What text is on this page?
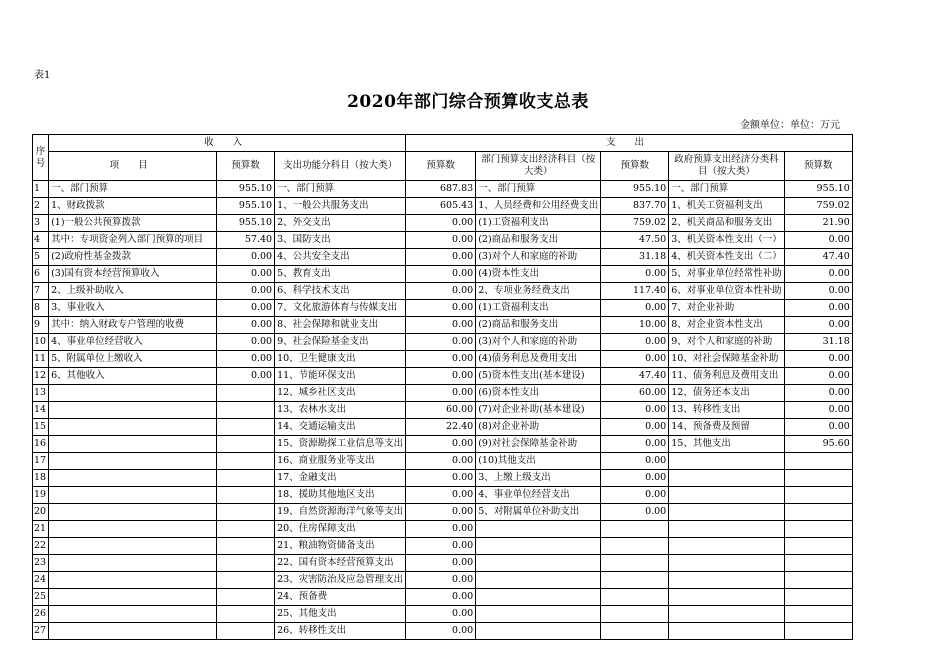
表1
2020年部门综合预算收支总表
金额单位：单位：万元
序号	收 入			支 出				
	项 目	预算数	支出功能分科目（按大类）	预算数	部门预算支出经济科目（按大类）	预算数	政府预算支出经济分类科目（按大类）	预算数
1	一、部门预算	955.10	一、部门预算	687.83	一、部门预算	955.10	一、部门预算	955.10
2	1、财政拨款	955.10	1、一般公共服务支出	605.43	1、人员经费和公用经费支出	837.70	1、机关工资福利支出	759.02
3	(1)一般公共预算拨款	955.10	2、外交支出	0.00	(1)工资福利支出	759.02	2、机关商品和服务支出	21.90
4	其中：专项资金列入部门预算的项目	57.40	3、国防支出	0.00	(2)商品和服务支出	47.50	3、机关资本性支出（一）	0.00
5	(2)政府性基金拨款	0.00	4、公共安全支出	0.00	(3)对个人和家庭的补助	31.18	4、机关资本性支出（二）	47.40
6	(3)国有资本经营预算收入	0.00	5、教育支出	0.00	(4)资本性支出	0.00	5、对事业单位经常性补助	0.00
7	2、上级补助收入	0.00	6、科学技术支出	0.00	2、专项业务经费支出	117.40	6、对事业单位资本性补助	0.00
8	3、事业收入	0.00	7、文化旅游体育与传媒支出	0.00	(1)工资福利支出	0.00	7、对企业补助	0.00
9	其中：纳入财政专户管理的收费	0.00	8、社会保障和就业支出	0.00	(2)商品和服务支出	10.00	8、对企业资本性支出	0.00
10	4、事业单位经营收入	0.00	9、社会保险基金支出	0.00	(3)对个人和家庭的补助	0.00	9、对个人和家庭的补助	31.18
11	5、附属单位上缴收入	0.00	10、卫生健康支出	0.00	(4)债务利息及费用支出	0.00	10、对社会保障基金补助	0.00
12	6、其他收入	0.00	11、节能环保支出	0.00	(5)资本性支出(基本建设)	47.40	11、债务利息及费用支出	0.00
13			12、城乡社区支出	0.00	(6)资本性支出	60.00	12、债务还本支出	0.00
14			13、农林水支出	60.00	(7)对企业补助(基本建设)	0.00	13、转移性支出	0.00
15			14、交通运输支出	22.40	(8)对企业补助	0.00	14、预备费及预留	0.00
16			15、资源勘探工业信息等支出	0.00	(9)对社会保障基金补助	0.00	15、其他支出	95.60
17			16、商业服务业等支出	0.00	(10)其他支出	0.00		
18			17、金融支出	0.00	3、上缴上级支出	0.00		
19			18、援助其他地区支出	0.00	4、事业单位经营支出	0.00		
20			19、自然资源海洋气象等支出	0.00	5、对附属单位补助支出	0.00		
21			20、住房保障支出	0.00				
22			21、粮油物资储备支出	0.00				
23			22、国有资本经营预算支出	0.00				
24			23、灾害防治及应急管理支出	0.00				
25			24、预备费	0.00				
26			25、其他支出	0.00				
27			26、转移性支出	0.00				
